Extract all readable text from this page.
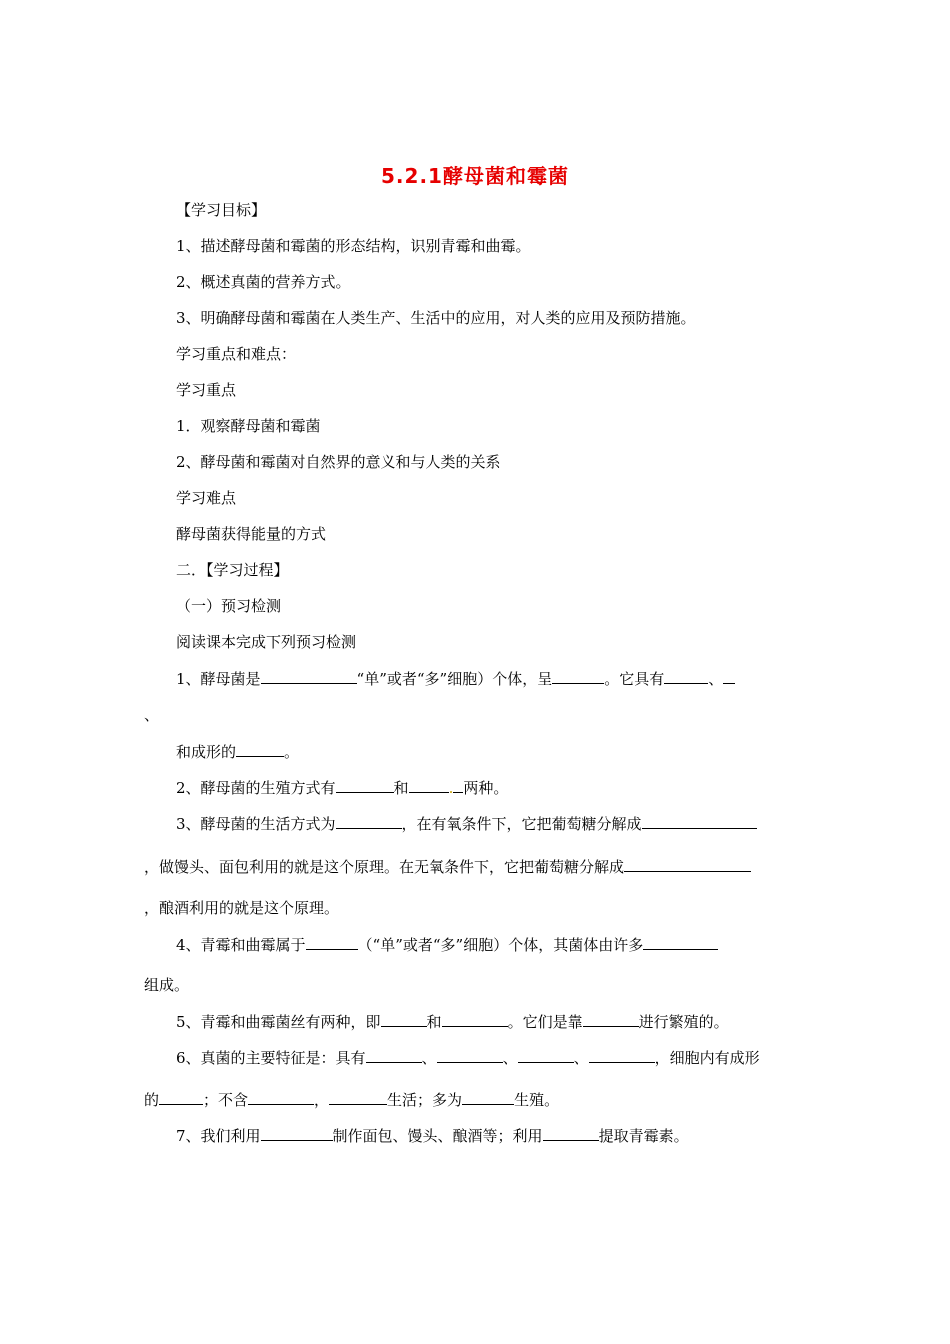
5.2.1酵母菌和霉菌
【学习目标】
1、描述酵母菌和霉菌的形态结构，识别青霉和曲霉。
2、概述真菌的营养方式。
3、明确酵母菌和霉菌在人类生产、生活中的应用，对人类的应用及预防措施。
学习重点和难点：
学习重点
1．观察酵母菌和霉菌
2、酵母菌和霉菌对自然界的意义和与人类的关系
学习难点
酵母菌获得能量的方式
二．【学习过程】
（一）预习检测
阅读课本完成下列预习检测
1、酵母菌是	“单”或者“多”细胞）个体，呈	。它具有	、
、
和成形的	。
2、酵母菌的生殖方式有	和	. 两种。
3、酵母菌的生活方式为	，在有氧条件下，它把葡萄糖分解成
，做馒头、面包利用的就是这个原理。在无氧条件下，它把葡萄糖分解成
，酿酒利用的就是这个原理。
4、青霉和曲霉属于	（“单”或者“多”细胞）个体，其菌体由许多
组成。
5、青霉和曲霉菌丝有两种，即	和	。它们是靠	进行繁殖的。
6、真菌的主要特征是：具有	、	、	、	，细胞内有成形
的	；不含	，	生活；多为	生殖。
7、我们利用	制作面包、馒头、酿酒等；利用	提取青霉素。
